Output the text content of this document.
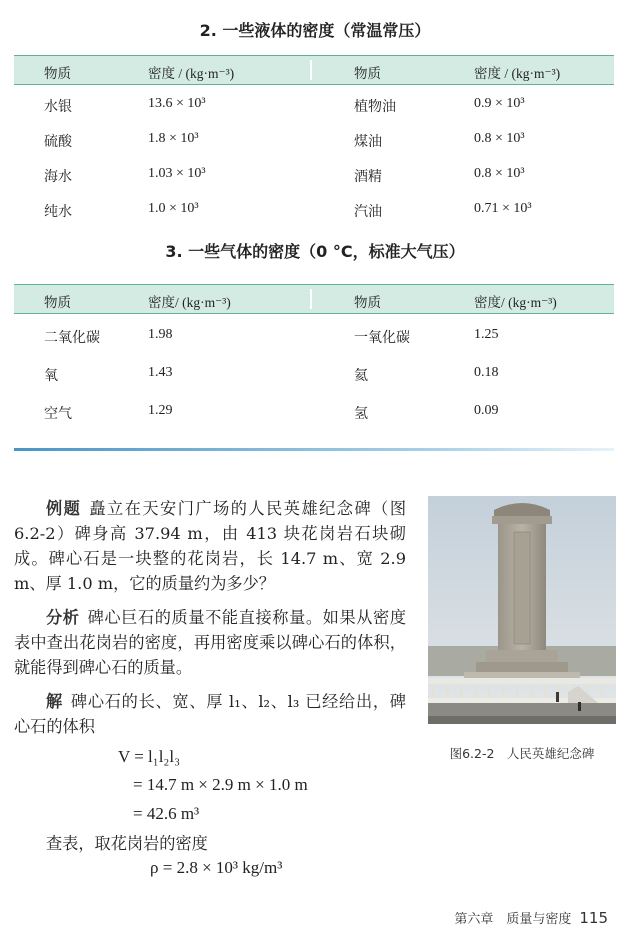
2. 一些液体的密度（常温常压）
物质	密度 / (kg·m⁻³)	物质	密度 / (kg·m⁻³)
水银	13.6 × 10³	植物油	0.9 × 10³
硫酸	1.8 × 10³	煤油	0.8 × 10³
海水	1.03 × 10³	酒精	0.8 × 10³
纯水	1.0 × 10³	汽油	0.71 × 10³
3. 一些气体的密度（0 °C，标准大气压）
物质	密度/ (kg·m⁻³)	物质	密度/ (kg·m⁻³)
二氧化碳	1.98	一氧化碳	1.25
氧	1.43	氦	0.18
空气	1.29	氢	0.09
例题 矗立在天安门广场的人民英雄纪念碑（图 6.2-2）碑身高 37.94 m，由 413 块花岗岩石块砌成。碑心石是一块整的花岗岩，长 14.7 m、宽 2.9 m、厚 1.0 m，它的质量约为多少？
分析 碑心巨石的质量不能直接称量。如果从密度表中查出花岗岩的密度，再用密度乘以碑心石的体积，就能得到碑心石的质量。
解 碑心石的长、宽、厚 l₁、l₂、l₃ 已经给出，碑心石的体积
V = l₁l₂l₃
= 14.7 m × 2.9 m × 1.0 m
= 42.6 m³
查表，取花岗岩的密度
ρ = 2.8 × 10³ kg/m³
图6.2-2　人民英雄纪念碑
第六章　质量与密度 115
